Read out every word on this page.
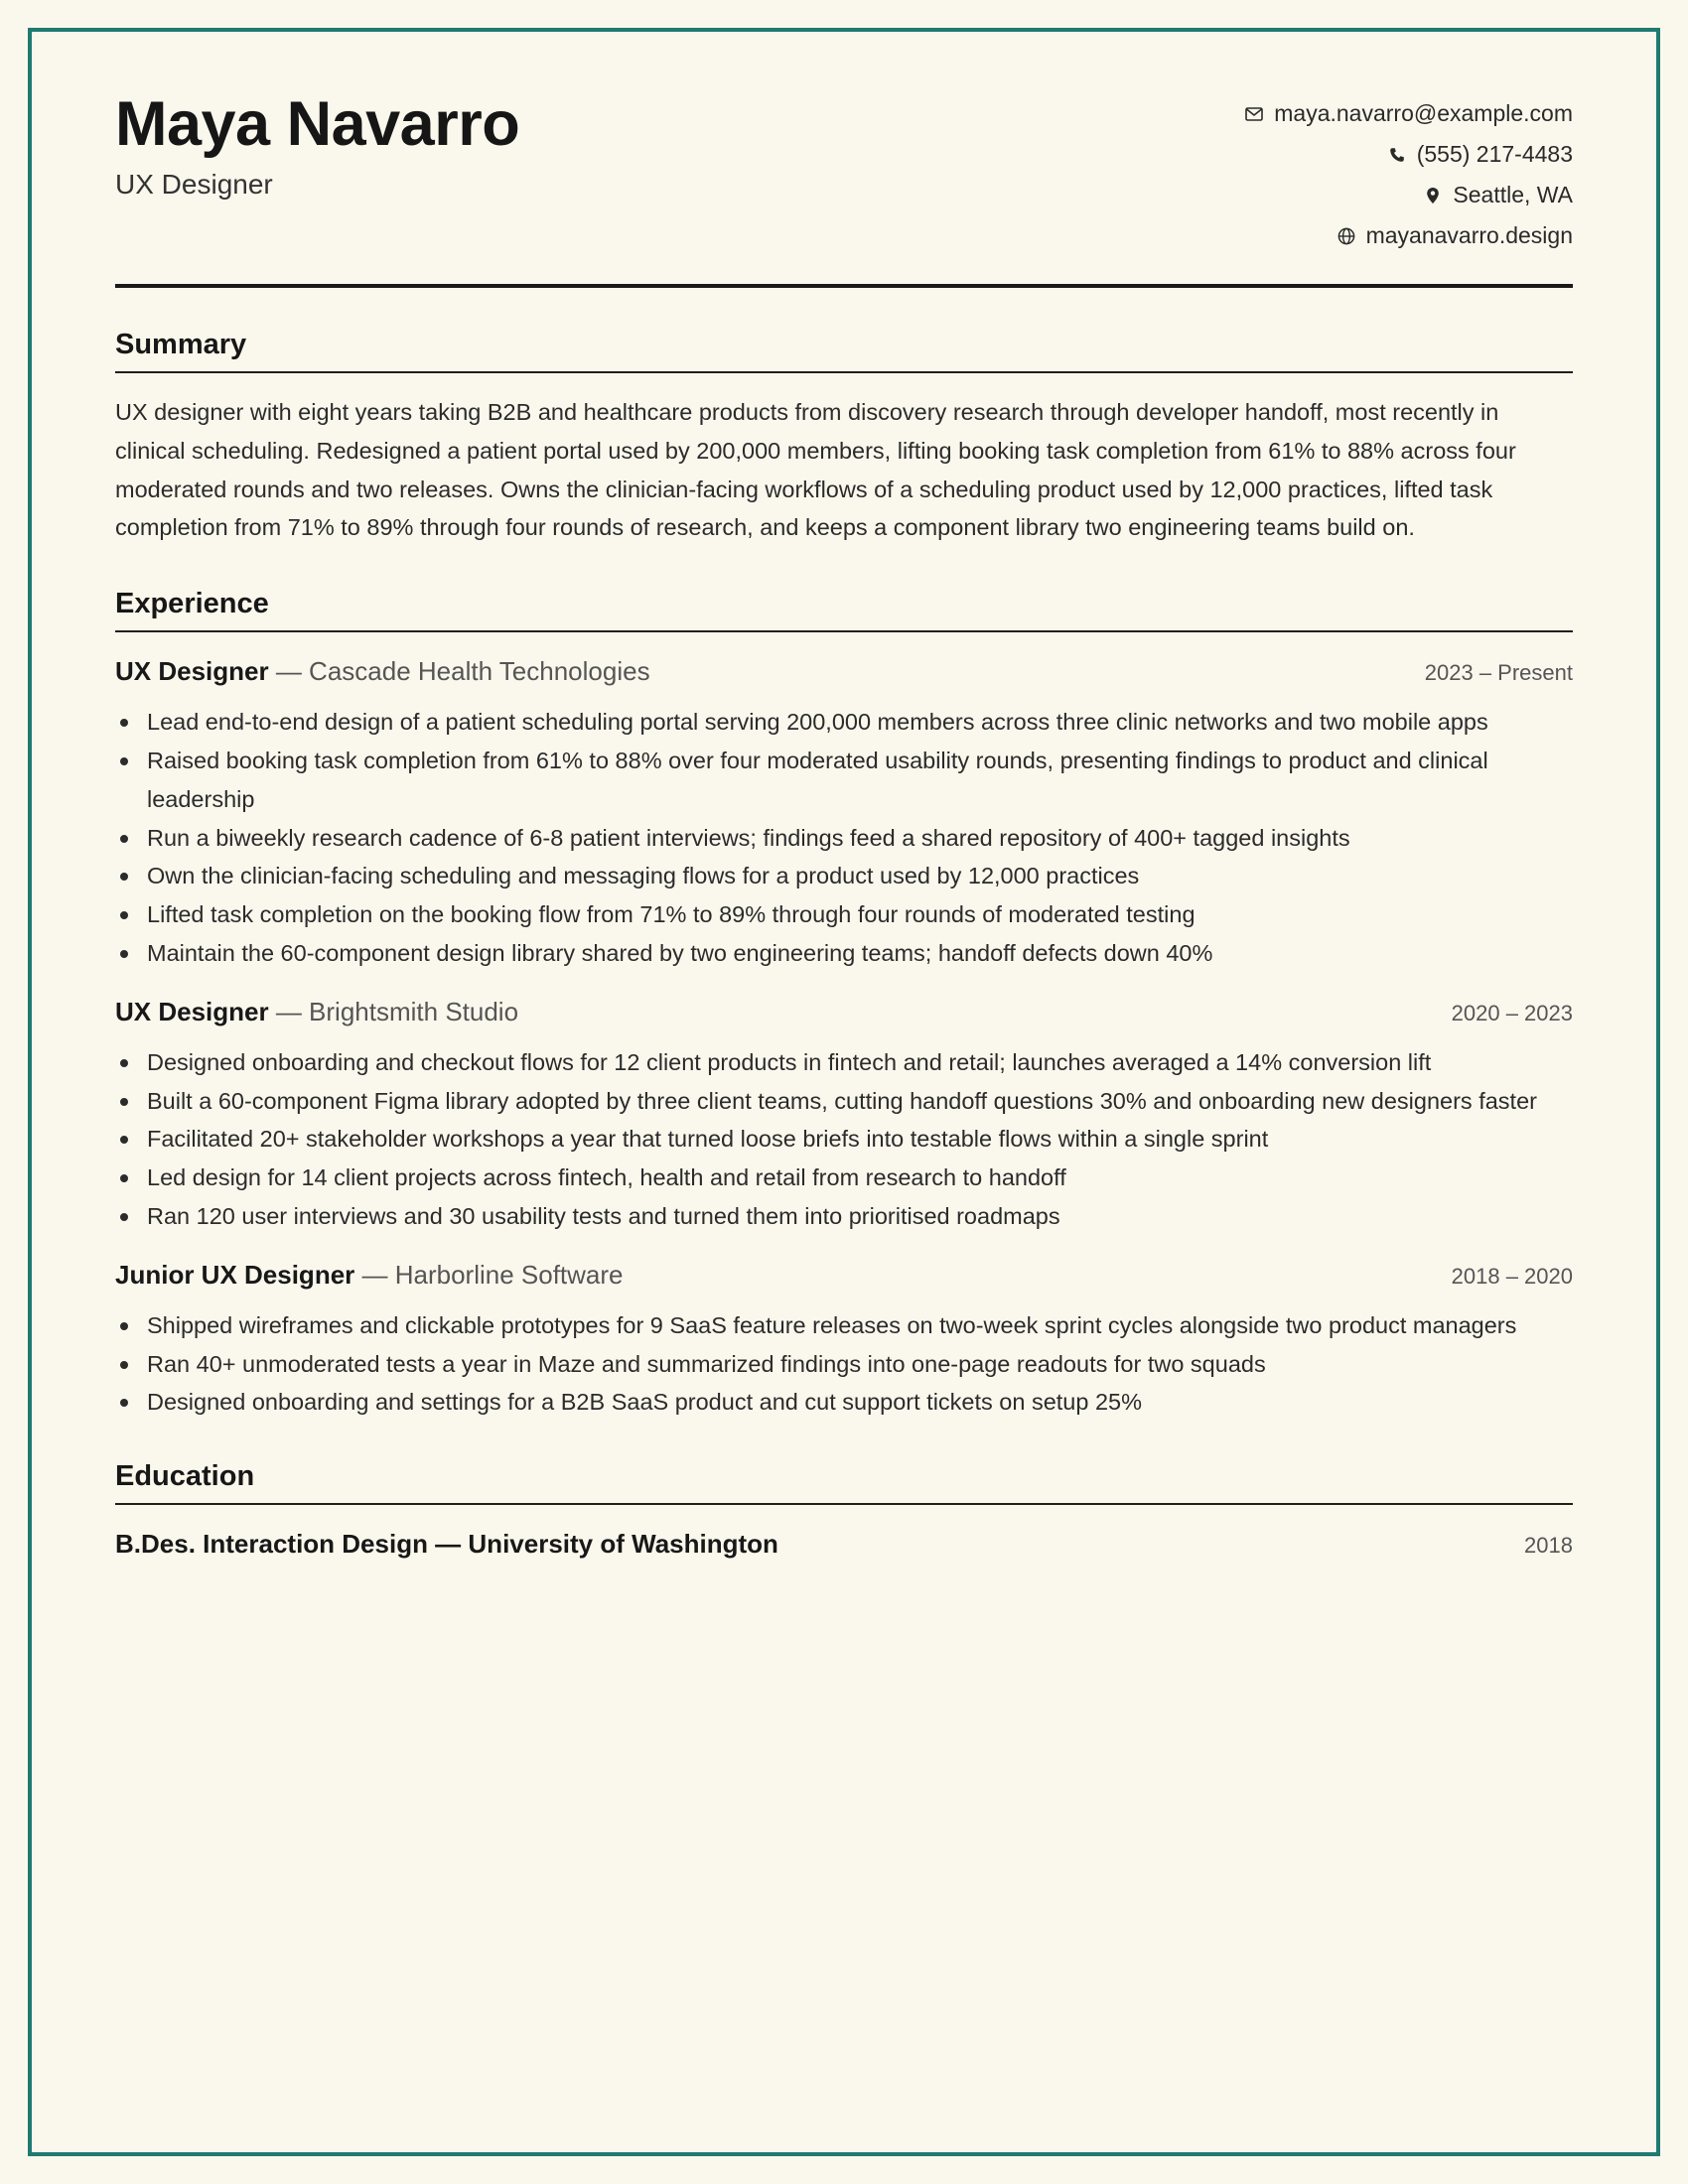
Maya Navarro
UX Designer
maya.navarro@example.com
(555) 217-4483
Seattle, WA
mayanavarro.design
Summary
UX designer with eight years taking B2B and healthcare products from discovery research through developer handoff, most recently in clinical scheduling. Redesigned a patient portal used by 200,000 members, lifting booking task completion from 61% to 88% across four moderated rounds and two releases. Owns the clinician-facing workflows of a scheduling product used by 12,000 practices, lifted task completion from 71% to 89% through four rounds of research, and keeps a component library two engineering teams build on.
Experience
UX Designer — Cascade Health Technologies	2023 – Present
Lead end-to-end design of a patient scheduling portal serving 200,000 members across three clinic networks and two mobile apps
Raised booking task completion from 61% to 88% over four moderated usability rounds, presenting findings to product and clinical leadership
Run a biweekly research cadence of 6-8 patient interviews; findings feed a shared repository of 400+ tagged insights
Own the clinician-facing scheduling and messaging flows for a product used by 12,000 practices
Lifted task completion on the booking flow from 71% to 89% through four rounds of moderated testing
Maintain the 60-component design library shared by two engineering teams; handoff defects down 40%
UX Designer — Brightsmith Studio	2020 – 2023
Designed onboarding and checkout flows for 12 client products in fintech and retail; launches averaged a 14% conversion lift
Built a 60-component Figma library adopted by three client teams, cutting handoff questions 30% and onboarding new designers faster
Facilitated 20+ stakeholder workshops a year that turned loose briefs into testable flows within a single sprint
Led design for 14 client projects across fintech, health and retail from research to handoff
Ran 120 user interviews and 30 usability tests and turned them into prioritised roadmaps
Junior UX Designer — Harborline Software	2018 – 2020
Shipped wireframes and clickable prototypes for 9 SaaS feature releases on two-week sprint cycles alongside two product managers
Ran 40+ unmoderated tests a year in Maze and summarized findings into one-page readouts for two squads
Designed onboarding and settings for a B2B SaaS product and cut support tickets on setup 25%
Education
B.Des. Interaction Design — University of Washington	2018
